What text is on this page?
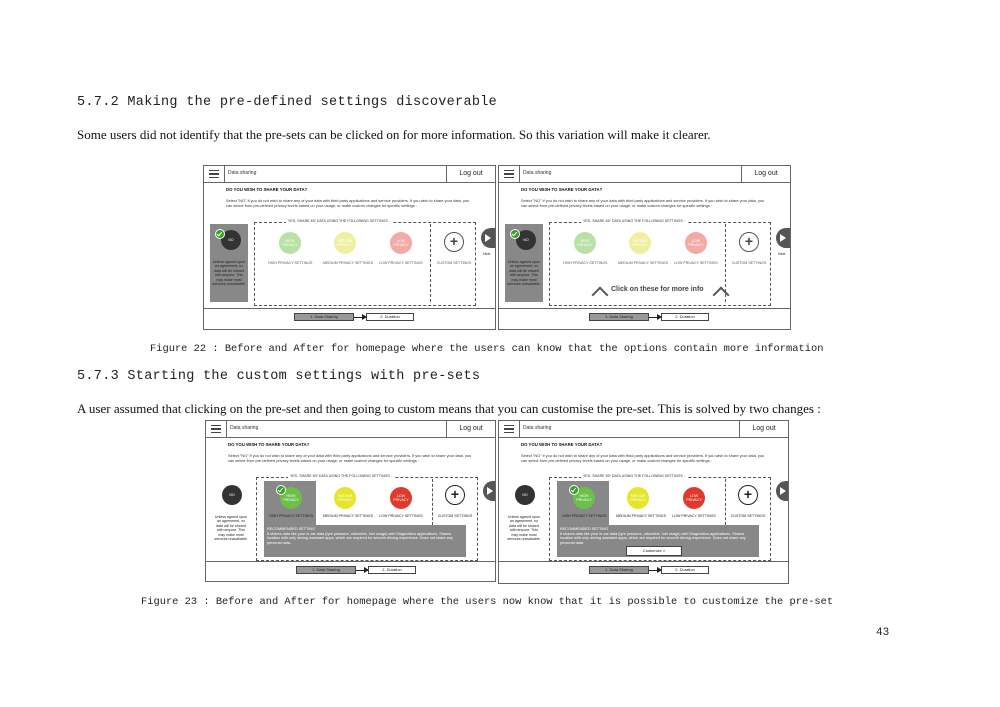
5.7.2 Making the pre-defined settings discoverable
Some users did not identify that the pre-sets can be clicked on for more information. So this variation will make it clearer.
Data sharing	Log out
DO YOU WISH TO SHARE YOUR DATA?
Select "NO" if you do not wish to share any of your data with third party applications and service providers. If you wish to share your data, you can select from pre-defined privacy levels based on your usage, or make custom changes for specific settings :
YES, SHARE MY DATA USING THE FOLLOWING SETTINGS :
NO
Unless agreed upon an agreement, no data will be shared with anyone. This may make most services unavailable.
HIGH PRIVACY
MEDIUM PRIVACY
LOW PRIVACY
HIGH PRIVACY SETTINGS	MEDIUM PRIVACY SETTINGS LOW PRIVACY SETTINGS
+
CUSTOM SETTINGS
Next
1. Data Sharing	2. Duration
Data sharing	Log out
DO YOU WISH TO SHARE YOUR DATA?
Select "NO" if you do not wish to share any of your data with third party applications and service providers. If you wish to share your data, you can select from pre-defined privacy levels based on your usage, or make custom changes for specific settings :
YES, SHARE MY DATA USING THE FOLLOWING SETTINGS :
NO
Unless agreed upon an agreement, no data will be shared with anyone. This may make most services unavailable.
HIGH PRIVACY
MEDIUM PRIVACY
LOW PRIVACY
HIGH PRIVACY SETTINGS	MEDIUM PRIVACY SETTINGS LOW PRIVACY SETTINGS
+
CUSTOM SETTINGS
Click on these for more info
Next
1. Data Sharing	2. Duration
Figure 22 : Before and After for homepage where the users can know that the options contain more information
5.7.3 Starting the custom settings with pre-sets
A user assumed that clicking on the pre-set and then going to custom means that you can customise the pre-set. This is solved by two changes :
Data sharing	Log out
DO YOU WISH TO SHARE YOUR DATA?
Select "NO" if you do not wish to share any of your data with third party applications and service providers. If you wish to share your data, you can select from pre-defined privacy levels based on your usage, or make custom changes for specific settings :
YES, SHARE MY DATA USING THE FOLLOWING SETTINGS :
NO
Unless agreed upon an agreement, no data will be shared with anyone. This may make most services unavailable.
HIGH PRIVACY
MEDIUM PRIVACY
LOW PRIVACY
HIGH PRIVACY SETTINGS	MEDIUM PRIVACY SETTINGS LOW PRIVACY SETTINGS
+
CUSTOM SETTINGS
RECOMMENDED SETTING
It shares data like your in-car data (tyre pressure, odometer, fuel usage) with Diagnostics applications. Shares location with only driving assistant apps, which are required for smooth driving experience. Does not share any personal data.
1. Data Sharing	2. Duration
Data sharing	Log out
DO YOU WISH TO SHARE YOUR DATA?
Select "NO" if you do not wish to share any of your data with third party applications and service providers. If you wish to share your data, you can select from pre-defined privacy levels based on your usage, or make custom changes for specific settings :
YES, SHARE MY DATA USING THE FOLLOWING SETTINGS :
NO
Unless agreed upon an agreement, no data will be shared with anyone. This may make most services unavailable.
HIGH PRIVACY
MEDIUM PRIVACY
LOW PRIVACY
HIGH PRIVACY SETTINGS	MEDIUM PRIVACY SETTINGS LOW PRIVACY SETTINGS
+
CUSTOM SETTINGS
RECOMMENDED SETTING
It shares data like your in-car data (tyre pressure, odometer, fuel usage) with Diagnostics applications. Shares location with only driving assistant apps, which are required for smooth driving experience. Does not share any personal data.
Customize >
1. Data Sharing	2. Duration
Figure 23 : Before and After for homepage where the users now know that it is possible to customize the pre-set
43
